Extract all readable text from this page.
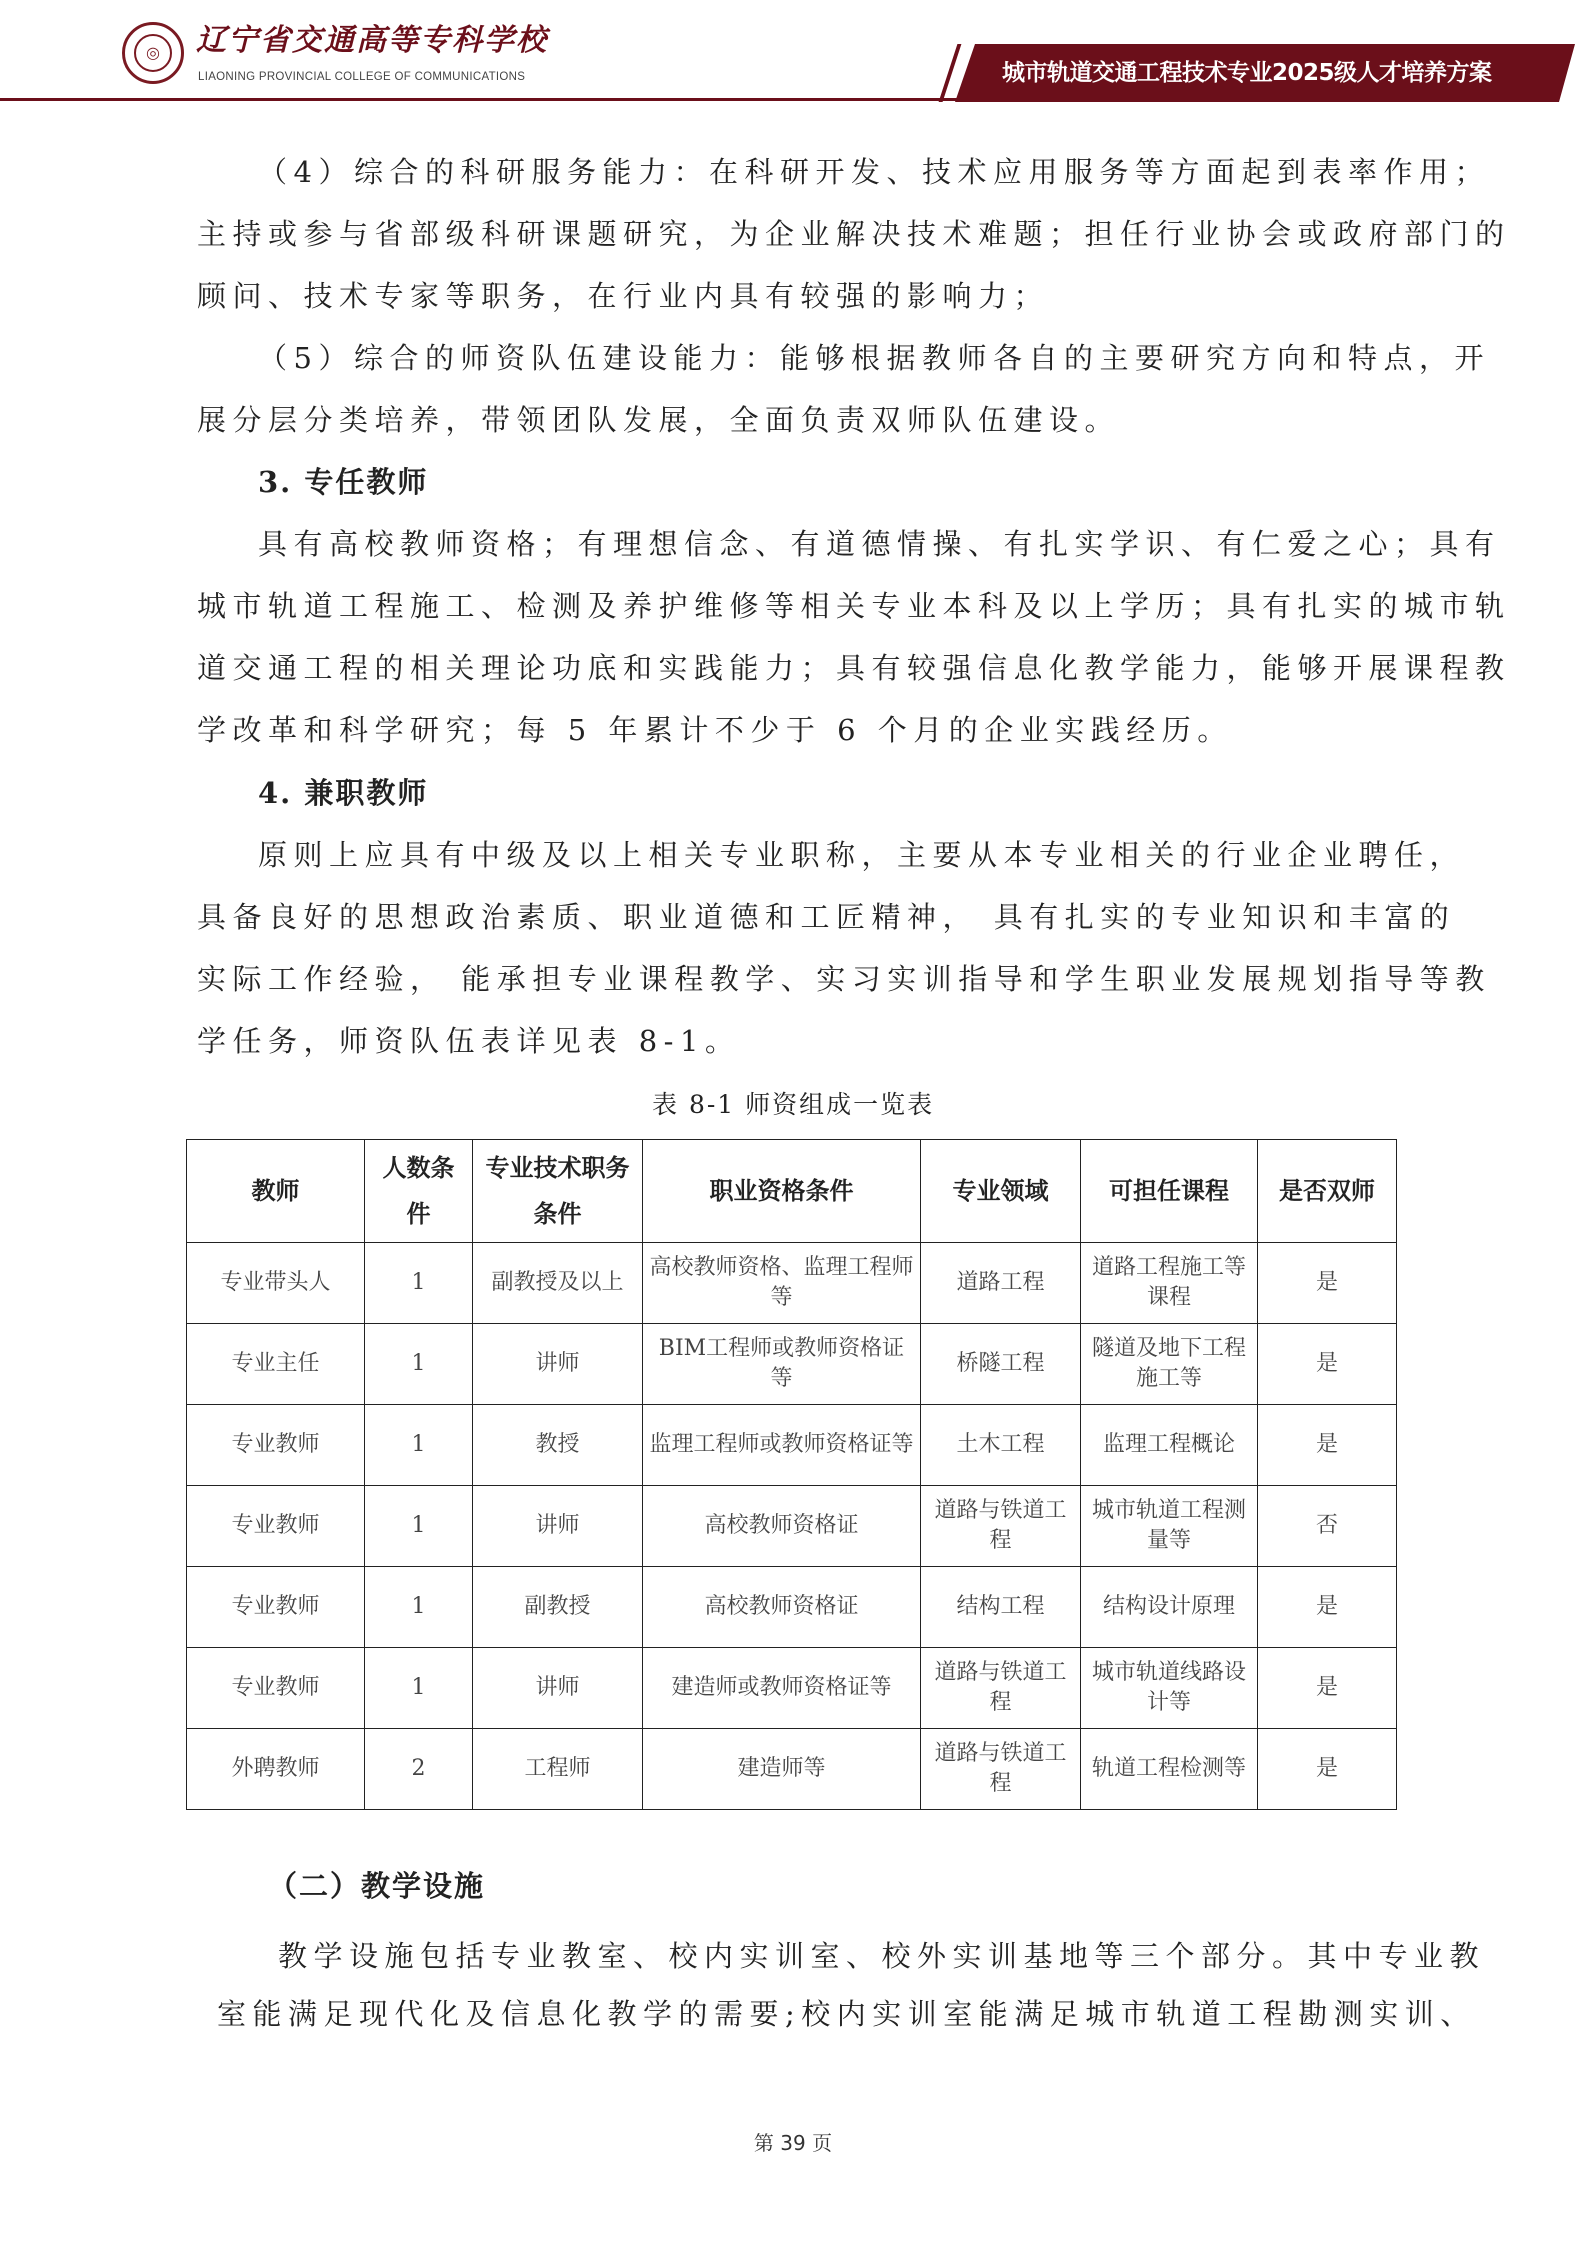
◎	辽宁省交通高等专科学校
LIAONING PROVINCIAL COLLEGE OF COMMUNICATIONS	城市轨道交通工程技术专业2025级人才培养方案
（4）综合的科研服务能力：在科研开发、技术应用服务等方面起到表率作用；
主持或参与省部级科研课题研究，为企业解决技术难题；担任行业协会或政府部门的
顾问、技术专家等职务，在行业内具有较强的影响力；
（5）综合的师资队伍建设能力：能够根据教师各自的主要研究方向和特点，开
展分层分类培养，带领团队发展，全面负责双师队伍建设。
3. 专任教师
具有高校教师资格；有理想信念、有道德情操、有扎实学识、有仁爱之心；具有
城市轨道工程施工、检测及养护维修等相关专业本科及以上学历；具有扎实的城市轨
道交通工程的相关理论功底和实践能力；具有较强信息化教学能力，能够开展课程教
学改革和科学研究；每 5 年累计不少于 6 个月的企业实践经历。
4. 兼职教师
原则上应具有中级及以上相关专业职称，主要从本专业相关的行业企业聘任，
具备良好的思想政治素质、职业道德和工匠精神， 具有扎实的专业知识和丰富的
实际工作经验， 能承担专业课程教学、实习实训指导和学生职业发展规划指导等教
学任务，师资队伍表详见表 8-1。
表 8-1 师资组成一览表
（二）教学设施
教学设施包括专业教室、校内实训室、校外实训基地等三个部分。其中专业教
室能满足现代化及信息化教学的需要;校内实训室能满足城市轨道工程勘测实训、
教师	人数条件	专业技术职务条件	职业资格条件	专业领域	可担任课程	是否双师
专业带头人	1	副教授及以上	高校教师资格、监理工程师等	道路工程	道路工程施工等课程	是
专业主任	1	讲师	BIM工程师或教师资格证等	桥隧工程	隧道及地下工程施工等	是
专业教师	1	教授	监理工程师或教师资格证等	土木工程	监理工程概论	是
专业教师	1	讲师	高校教师资格证	道路与铁道工程	城市轨道工程测量等	否
专业教师	1	副教授	高校教师资格证	结构工程	结构设计原理	是
专业教师	1	讲师	建造师或教师资格证等	道路与铁道工程	城市轨道线路设计等	是
外聘教师	2	工程师	建造师等	道路与铁道工程	轨道工程检测等	是
第 39 页
